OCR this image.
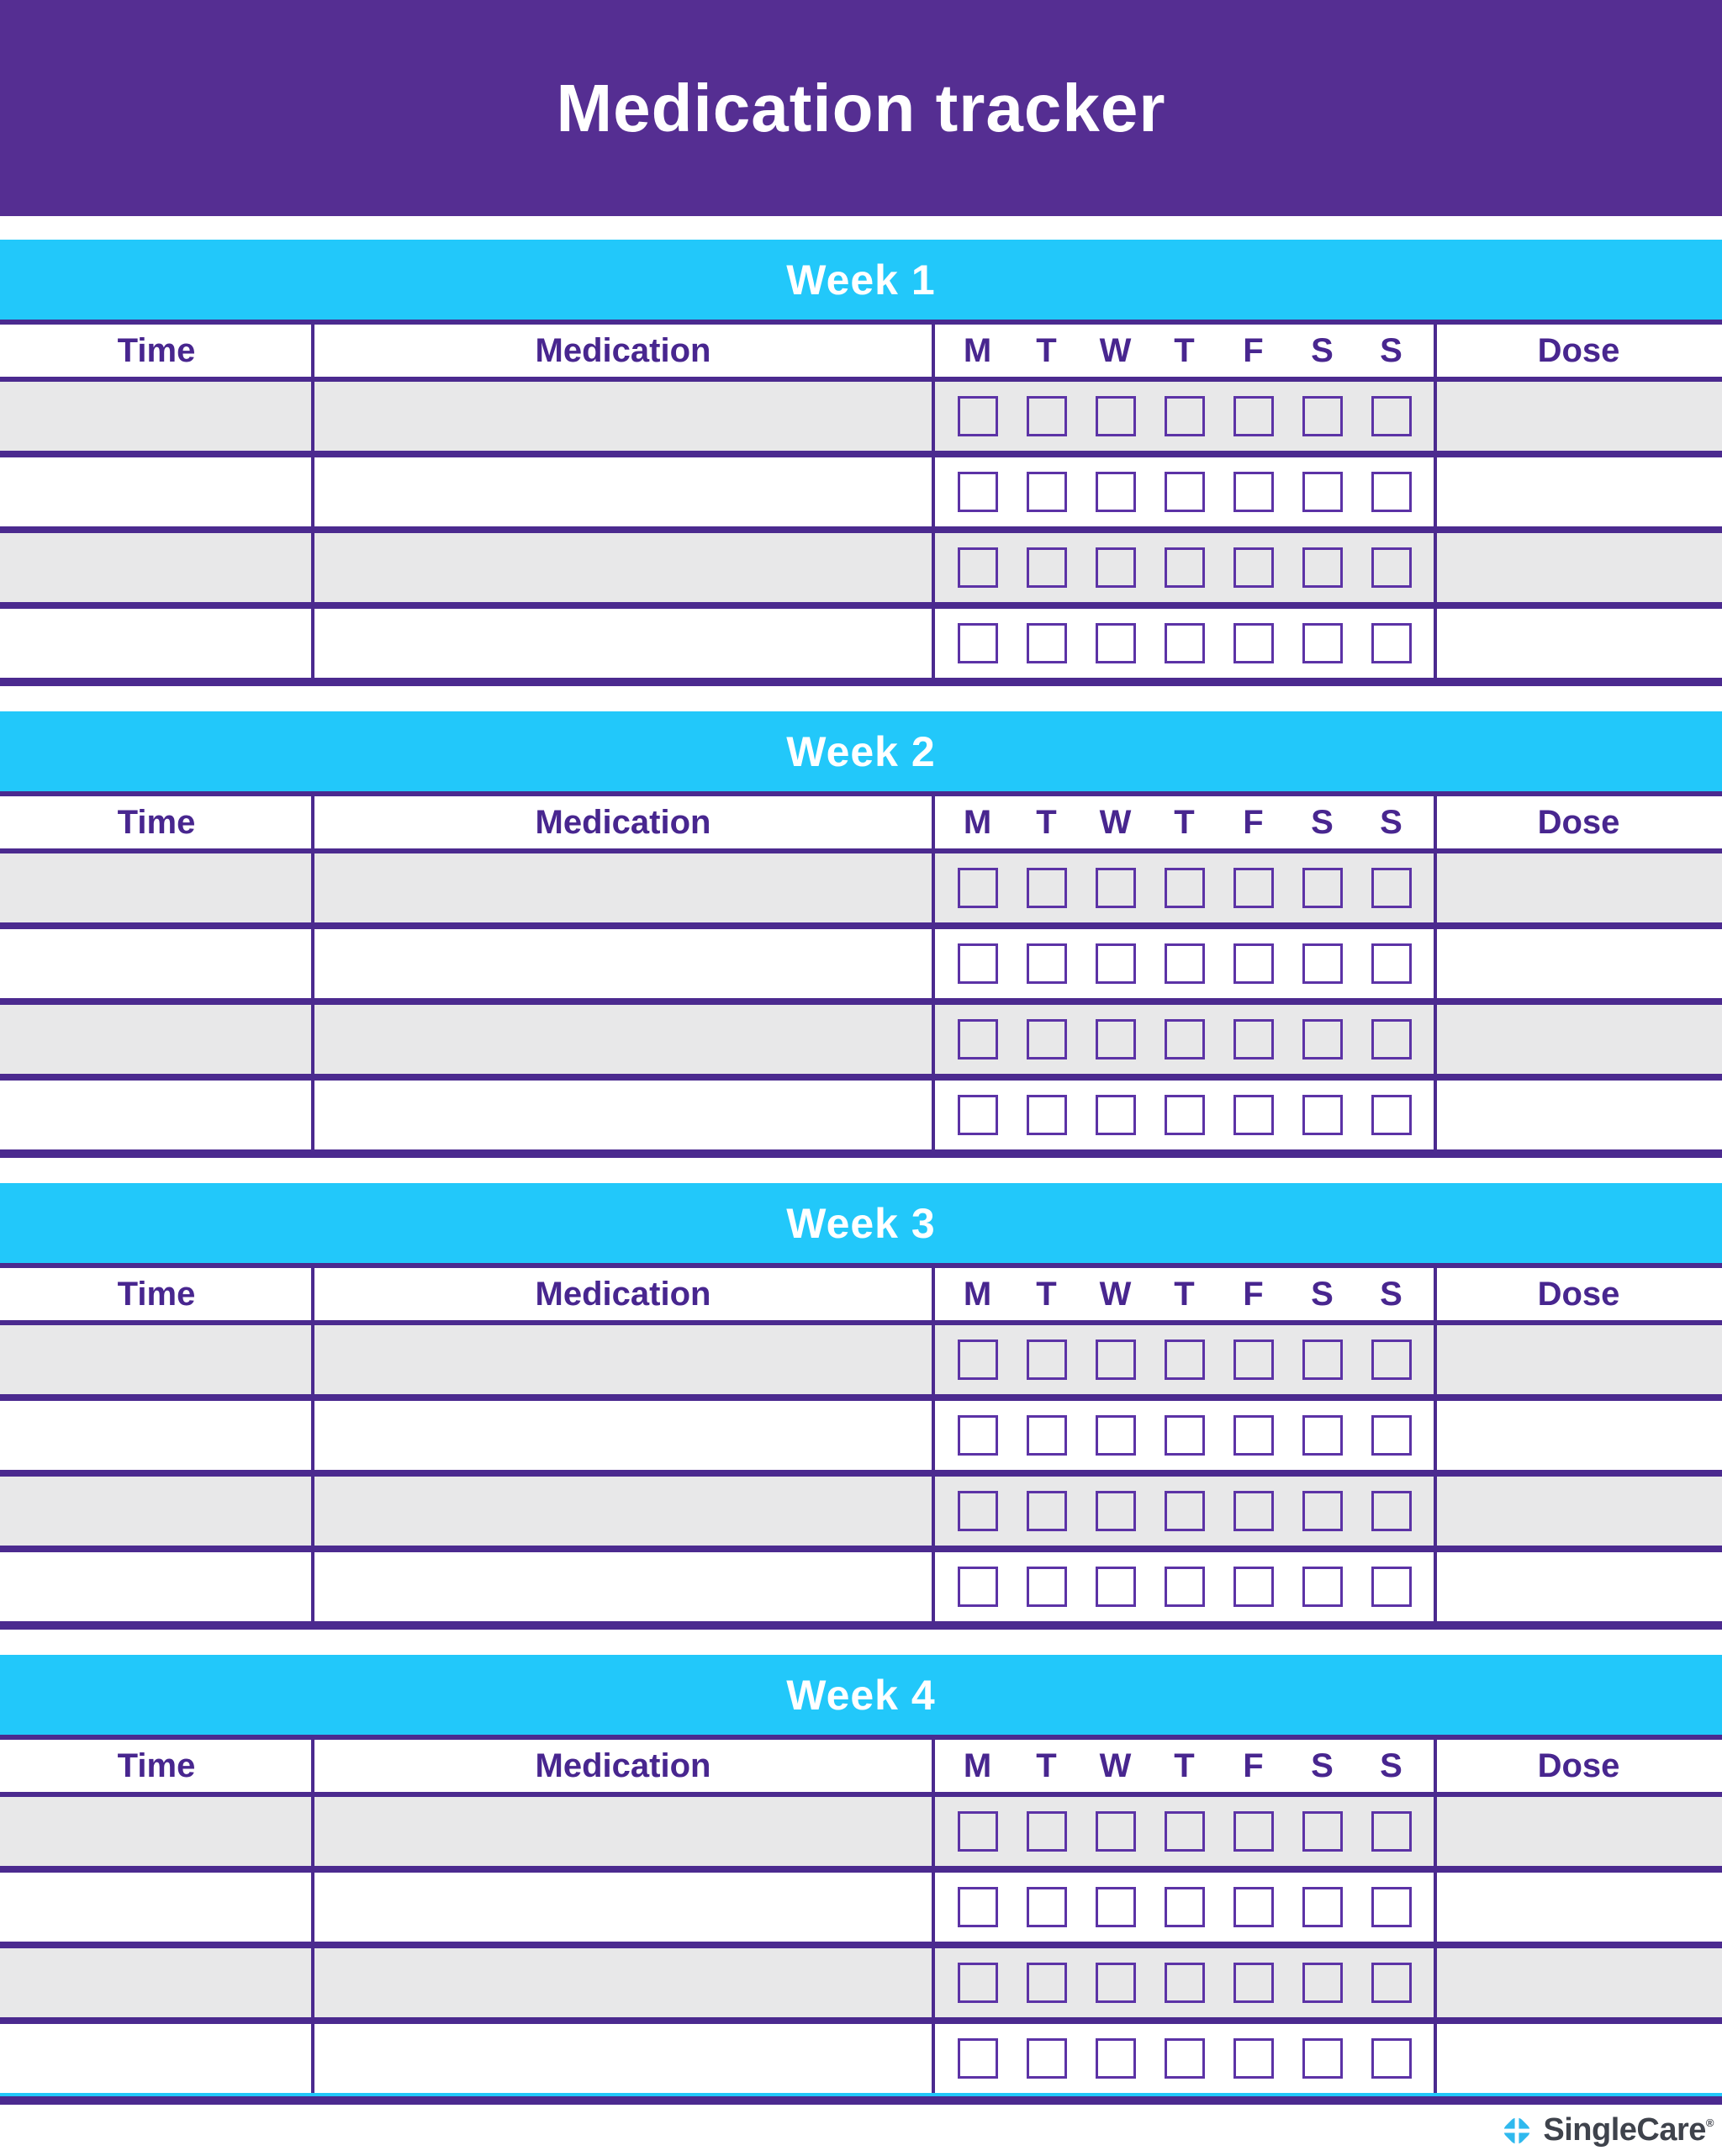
Medication tracker
Week 1
Time	Medication	M T W T F S S	Dose
Week 2
Time	Medication	M T W T F S S	Dose
Week 3
Time	Medication	M T W T F S S	Dose
Week 4
Time	Medication	M T W T F S S	Dose
SingleCare ®
